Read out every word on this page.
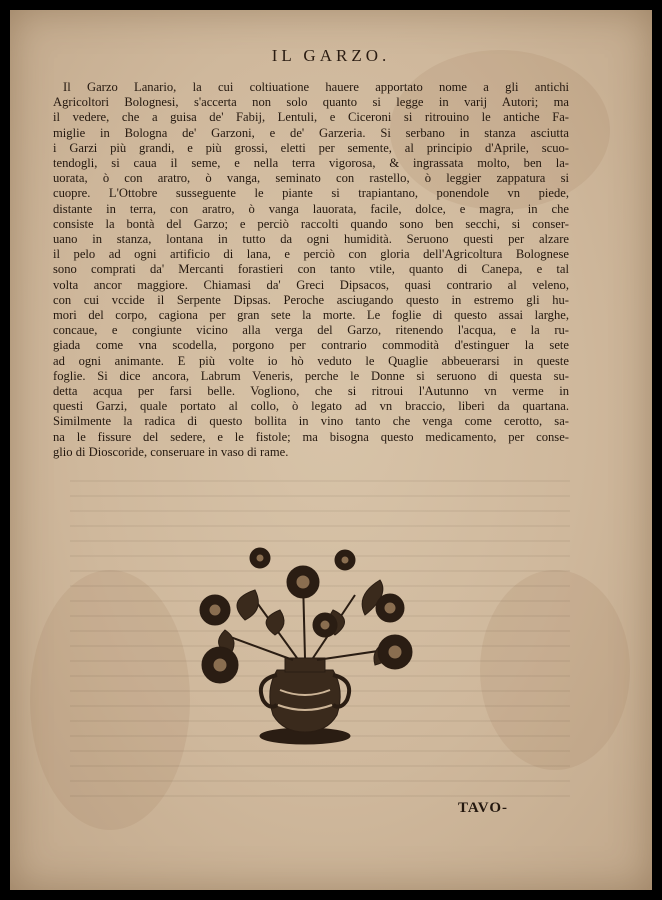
IL GARZO.
Il Garzo Lanario, la cui coltiuatione hauere apportato nome a gli antichi
Agricoltori Bolognesi, s'accerta non solo quanto si legge in varij Autori; ma
il vedere, che a guisa de' Fabij, Lentuli, e Ciceroni si ritrouino le antiche Fa-
miglie in Bologna de' Garzoni, e de' Garzeria. Si serbano in stanza asciutta
i Garzi più grandi, e più grossi, eletti per semente, al principio d'Aprile, scuo-
tendogli, si caua il seme, e nella terra vigorosa, & ingrassata molto, ben la-
uorata, ò con aratro, ò vanga, seminato con rastello, ò leggier zappatura si
cuopre. L'Ottobre susseguente le piante si trapiantano, ponendole vn piede,
distante in terra, con aratro, ò vanga lauorata, facile, dolce, e magra, in che
consiste la bontà del Garzo; e perciò raccolti quando sono ben secchi, si conser-
uano in stanza, lontana in tutto da ogni humidità. Seruono questi per alzare
il pelo ad ogni artificio di lana, e perciò con gloria dell'Agricoltura Bolognese
sono comprati da' Mercanti forastieri con tanto vtile, quanto di Canepa, e tal
volta ancor maggiore. Chiamasi da' Greci Dipsacos, quasi contrario al veleno,
con cui vccide il Serpente Dipsas. Peroche asciugando questo in estremo gli hu-
mori del corpo, cagiona per gran sete la morte. Le foglie di questo assai larghe,
concaue, e congiunte vicino alla verga del Garzo, ritenendo l'acqua, e la ru-
giada come vna scodella, porgono per contrario commodità d'estinguer la sete
ad ogni animante. E più volte io hò veduto le Quaglie abbeuerarsi in queste
foglie. Si dice ancora, Labrum Veneris, perche le Donne si seruono di questa su-
detta acqua per farsi belle. Vogliono, che si ritroui l'Autunno vn verme in
questi Garzi, quale portato al collo, ò legato ad vn braccio, liberi da quartana.
Similmente la radica di questo bollita in vino tanto che venga come cerotto, sa-
na le fissure del sedere, e le fistole; ma bisogna questo medicamento, per conse-
glio di Dioscoride, conseruare in vaso di rame.
TAVO-
